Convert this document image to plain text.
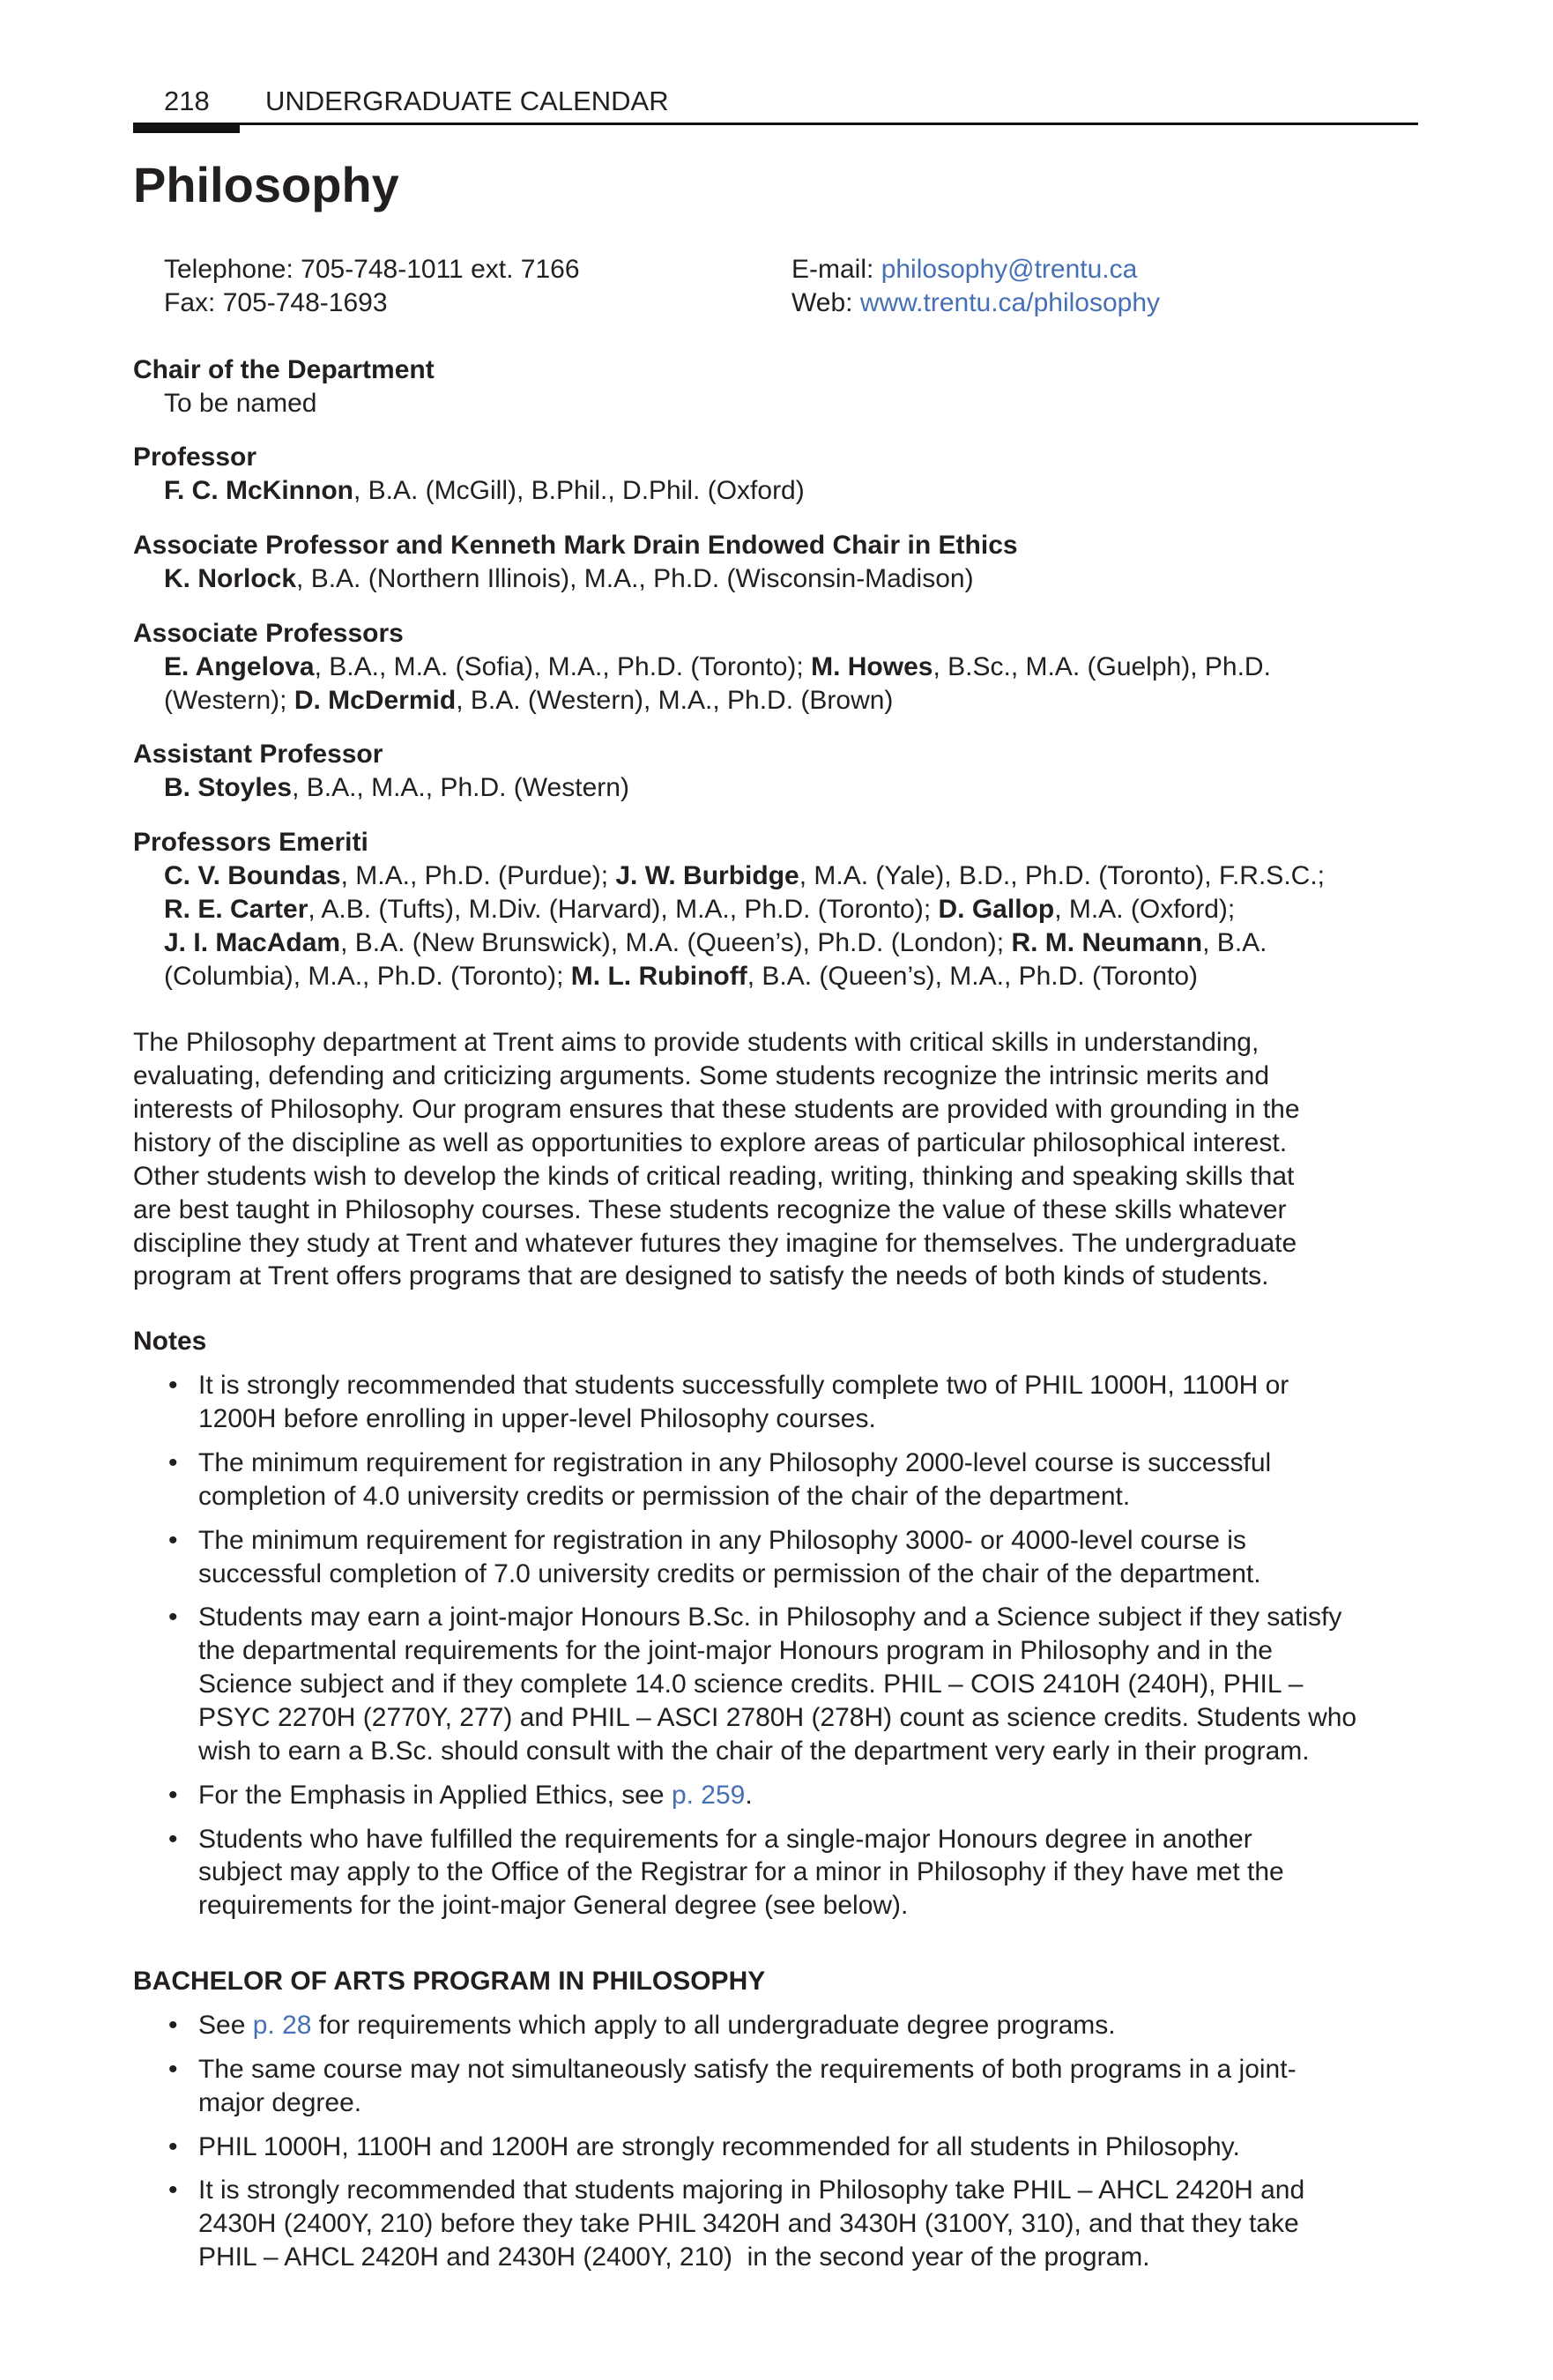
218 UNDERGRADUATE CALENDAR
Philosophy
Telephone: 705-748-1011 ext. 7166
Fax: 705-748-1693
E-mail: philosophy@trentu.ca
Web: www.trentu.ca/philosophy
Chair of the Department
To be named
Professor
F. C. McKinnon, B.A. (McGill), B.Phil., D.Phil. (Oxford)
Associate Professor and Kenneth Mark Drain Endowed Chair in Ethics
K. Norlock, B.A. (Northern Illinois), M.A., Ph.D. (Wisconsin-Madison)
Associate Professors
E. Angelova, B.A., M.A. (Sofia), M.A., Ph.D. (Toronto); M. Howes, B.Sc., M.A. (Guelph), Ph.D.
(Western); D. McDermid, B.A. (Western), M.A., Ph.D. (Brown)
Assistant Professor
B. Stoyles, B.A., M.A., Ph.D. (Western)
Professors Emeriti
C. V. Boundas, M.A., Ph.D. (Purdue); J. W. Burbidge, M.A. (Yale), B.D., Ph.D. (Toronto), F.R.S.C.;
R. E. Carter, A.B. (Tufts), M.Div. (Harvard), M.A., Ph.D. (Toronto); D. Gallop, M.A. (Oxford);
J. I. MacAdam, B.A. (New Brunswick), M.A. (Queen’s), Ph.D. (London); R. M. Neumann, B.A.
(Columbia), M.A., Ph.D. (Toronto); M. L. Rubinoff, B.A. (Queen’s), M.A., Ph.D. (Toronto)
The Philosophy department at Trent aims to provide students with critical skills in understanding,
evaluating, defending and criticizing arguments. Some students recognize the intrinsic merits and
interests of Philosophy. Our program ensures that these students are provided with grounding in the
history of the discipline as well as opportunities to explore areas of particular philosophical interest.
Other students wish to develop the kinds of critical reading, writing, thinking and speaking skills that
are best taught in Philosophy courses. These students recognize the value of these skills whatever
discipline they study at Trent and whatever futures they imagine for themselves. The undergraduate
program at Trent offers programs that are designed to satisfy the needs of both kinds of students.
Notes
•
It is strongly recommended that students successfully complete two of PHIL 1000H, 1100H or
1200H before enrolling in upper-level Philosophy courses.
•
The minimum requirement for registration in any Philosophy 2000-level course is successful
completion of 4.0 university credits or permission of the chair of the department.
•
The minimum requirement for registration in any Philosophy 3000- or 4000-level course is
successful completion of 7.0 university credits or permission of the chair of the department.
•
Students may earn a joint-major Honours B.Sc. in Philosophy and a Science subject if they satisfy
the departmental requirements for the joint-major Honours program in Philosophy and in the
Science subject and if they complete 14.0 science credits. PHIL – COIS 2410H (240H), PHIL –
PSYC 2270H (2770Y, 277) and PHIL – ASCI 2780H (278H) count as science credits. Students who
wish to earn a B.Sc. should consult with the chair of the department very early in their program.
•
For the Emphasis in Applied Ethics, see p. 259.
•
Students who have fulfilled the requirements for a single-major Honours degree in another
subject may apply to the Office of the Registrar for a minor in Philosophy if they have met the
requirements for the joint-major General degree (see below).
BACHELOR OF ARTS PROGRAM IN PHILOSOPHY
•
See p. 28 for requirements which apply to all undergraduate degree programs.
•
The same course may not simultaneously satisfy the requirements of both programs in a joint-
major degree.
•
PHIL 1000H, 1100H and 1200H are strongly recommended for all students in Philosophy.
•
It is strongly recommended that students majoring in Philosophy take PHIL – AHCL 2420H and
2430H (2400Y, 210) before they take PHIL 3420H and 3430H (3100Y, 310), and that they take
PHIL – AHCL 2420H and 2430H (2400Y, 210)  in the second year of the program.
